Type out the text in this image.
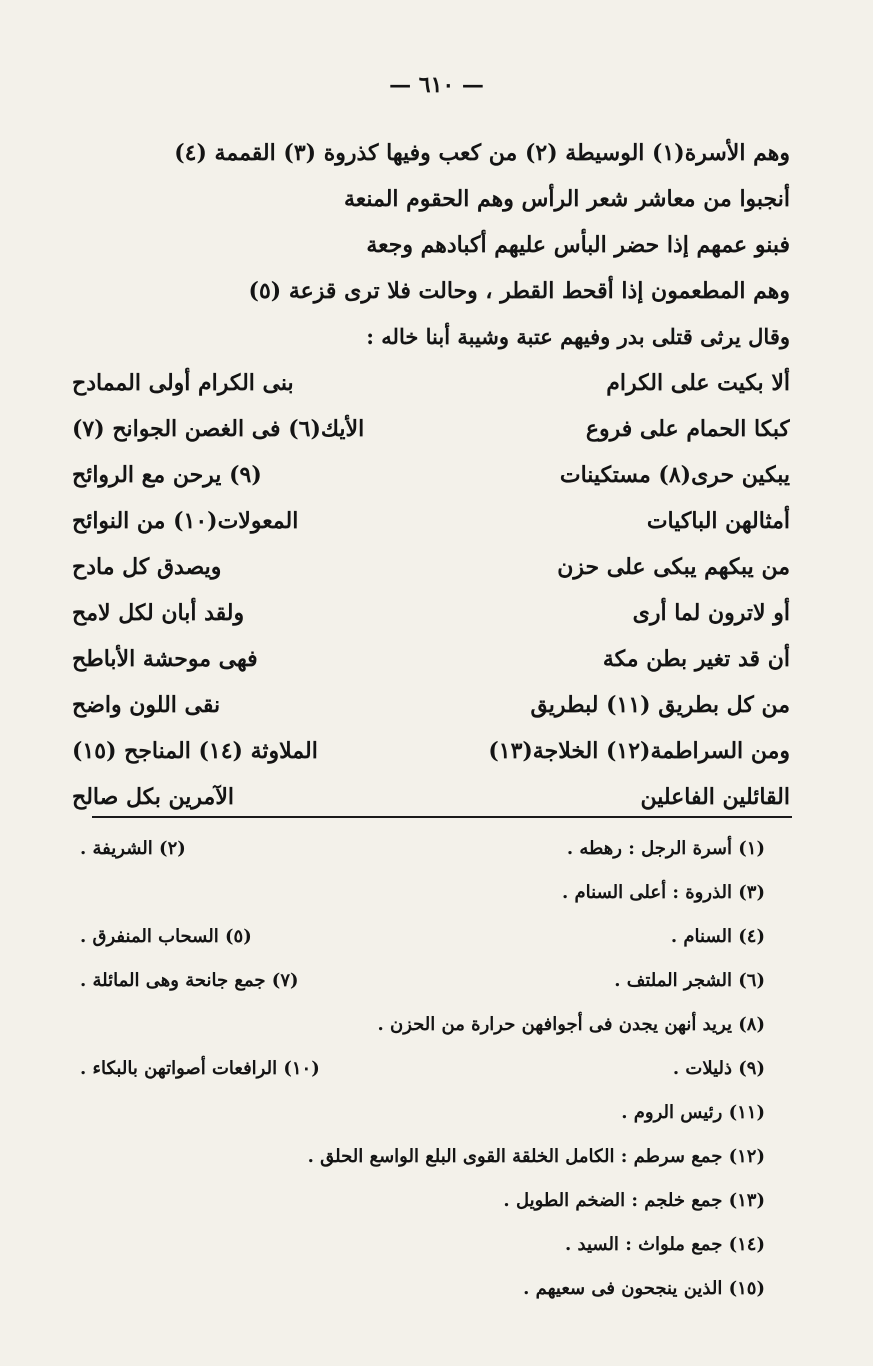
— ٦١٠ —
وهم الأسرة(١) الوسيطة (٢) من كعب وفيها كذروة (٣) القممة (٤)
أنجبوا من معاشر شعر الرأس وهم الحقوم المنعة
فبنو عمهم إذا حضر البأس عليهم أكبادهم وجعة
وهم المطعمون إذا أقحط القطر ، وحالت فلا ترى قزعة (٥)
وقال يرثى قتلى بدر وفيهم عتبة وشيبة أبنا خاله :
ألا بكيت على الكرام
بنى الكرام أولى الممادح
كبكا الحمام على فروع
الأيك(٦) فى الغصن الجوانح (٧)
يبكين حرى(٨) مستكينات
(٩) يرحن مع الروائح
أمثالهن الباكيات
المعولات(١٠) من النوائح
من يبكهم يبكى على حزن
ويصدق كل مادح
أو لاترون لما أرى
ولقد أبان لكل لامح
أن قد تغير بطن مكة
فهى موحشة الأباطح
من كل بطريق (١١) لبطريق
نقى اللون واضح
ومن السراطمة(١٢) الخلاجة(١٣)
الملاوثة (١٤) المناجح (١٥)
القائلين الفاعلين
الآمرين بكل صالح
(١) أسرة الرجل : رهطه .
(٢) الشريفة .
(٣) الذروة : أعلى السنام .
(٤) السنام .
(٥) السحاب المنفرق .
(٦) الشجر الملتف .
(٧) جمع جانحة وهى المائلة .
(٨) يريد أنهن يجدن فى أجوافهن حرارة من الحزن .
(٩) ذليلات .
(١٠) الرافعات أصواتهن بالبكاء .
(١١) رئيس الروم .
(١٢) جمع سرطم : الكامل الخلقة القوى البلع الواسع الحلق .
(١٣) جمع خلجم : الضخم الطويل .
(١٤) جمع ملواث : السيد .
(١٥) الذين ينجحون فى سعيهم .
